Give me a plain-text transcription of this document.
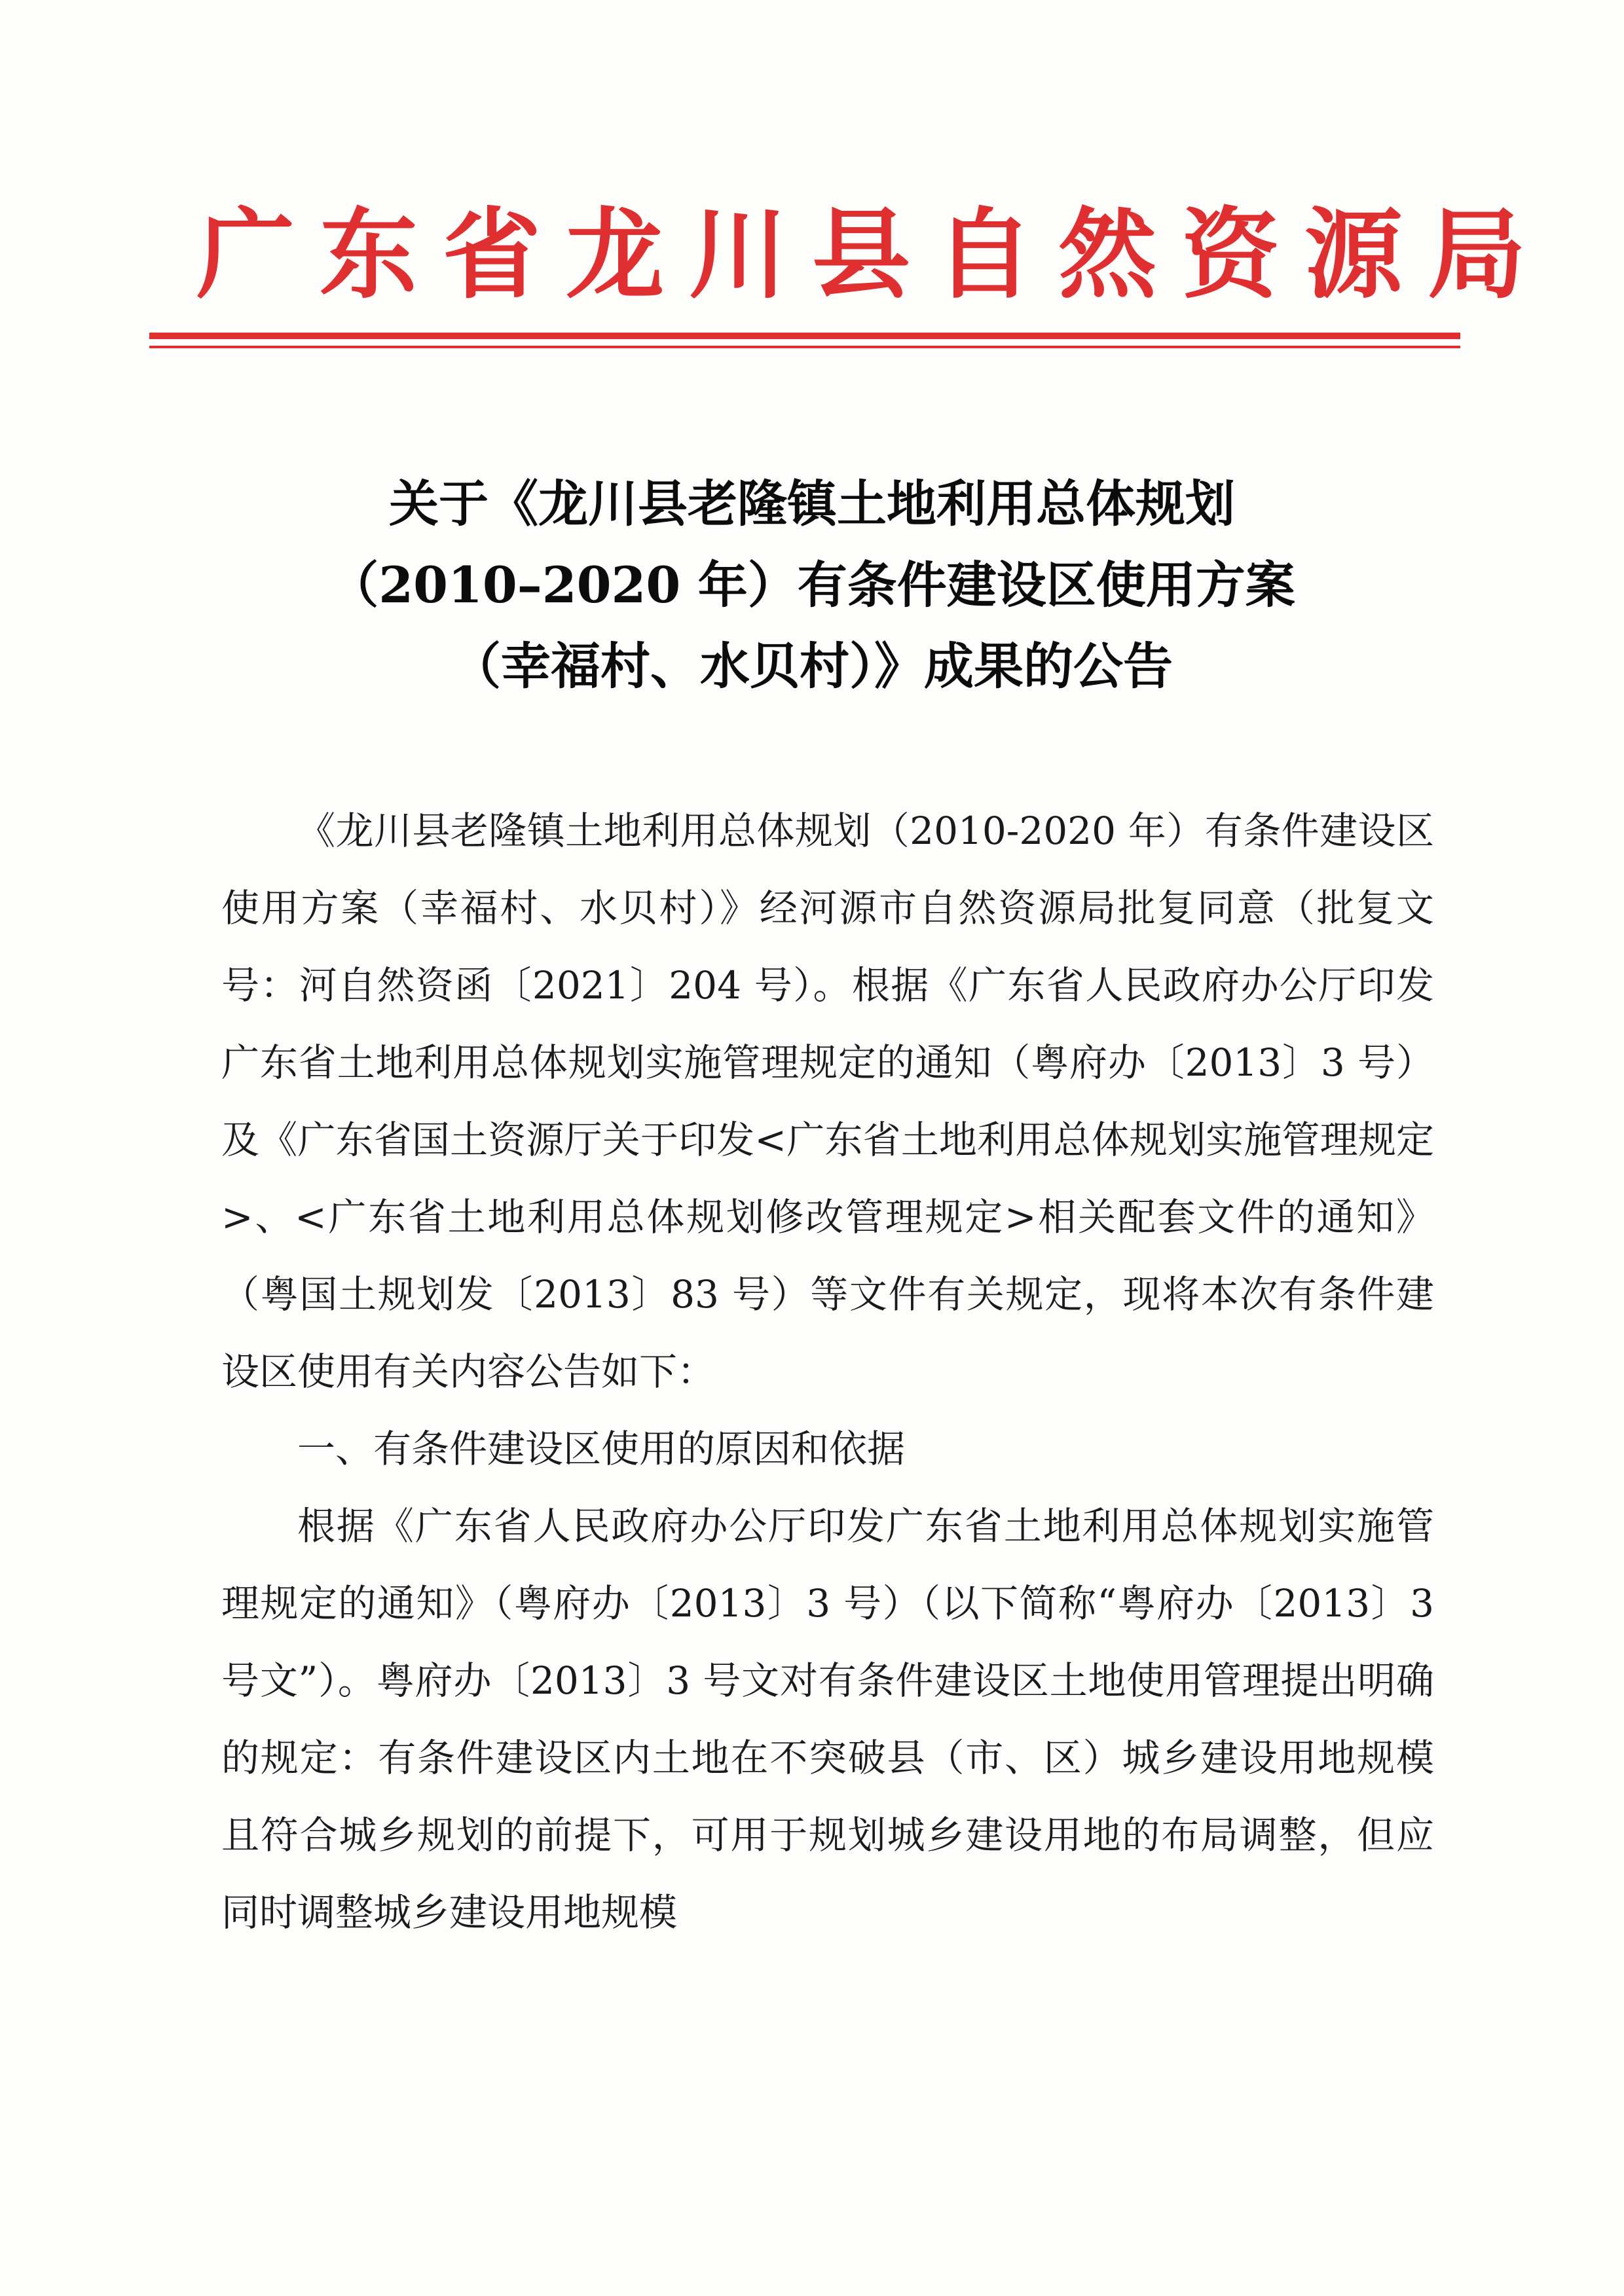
广东省龙川县自然资源局
关于《龙川县老隆镇土地利用总体规划
（2010–2020 年）有条件建设区使用方案
（幸福村、水贝村）》成果的公告

《龙川县老隆镇土地利用总体规划（2010-2020 年）有条件建设区使用方案（幸福村、水贝村）》经河源市自然资源局批复同意（批复文号：河自然资函〔2021〕204 号）。根据《广东省人民政府办公厅印发广东省土地利用总体规划实施管理规定的通知（粤府办〔2013〕3 号）及《广东省国土资源厅关于印发<广东省土地利用总体规划实施管理规定>、<广东省土地利用总体规划修改管理规定>相关配套文件的通知》（粤国土规划发〔2013〕83 号）等文件有关规定，现将本次有条件建设区使用有关内容公告如下：

一、有条件建设区使用的原因和依据

根据《广东省人民政府办公厅印发广东省土地利用总体规划实施管理规定的通知》（粤府办〔2013〕3 号）（以下简称“粤府办〔2013〕3 号文”）。粤府办〔2013〕3 号文对有条件建设区土地使用管理提出明确的规定：有条件建设区内土地在不突破县（市、区）城乡建设用地规模且符合城乡规划的前提下，可用于规划城乡建设用地的布局调整，但应同时调整城乡建设用地规模
